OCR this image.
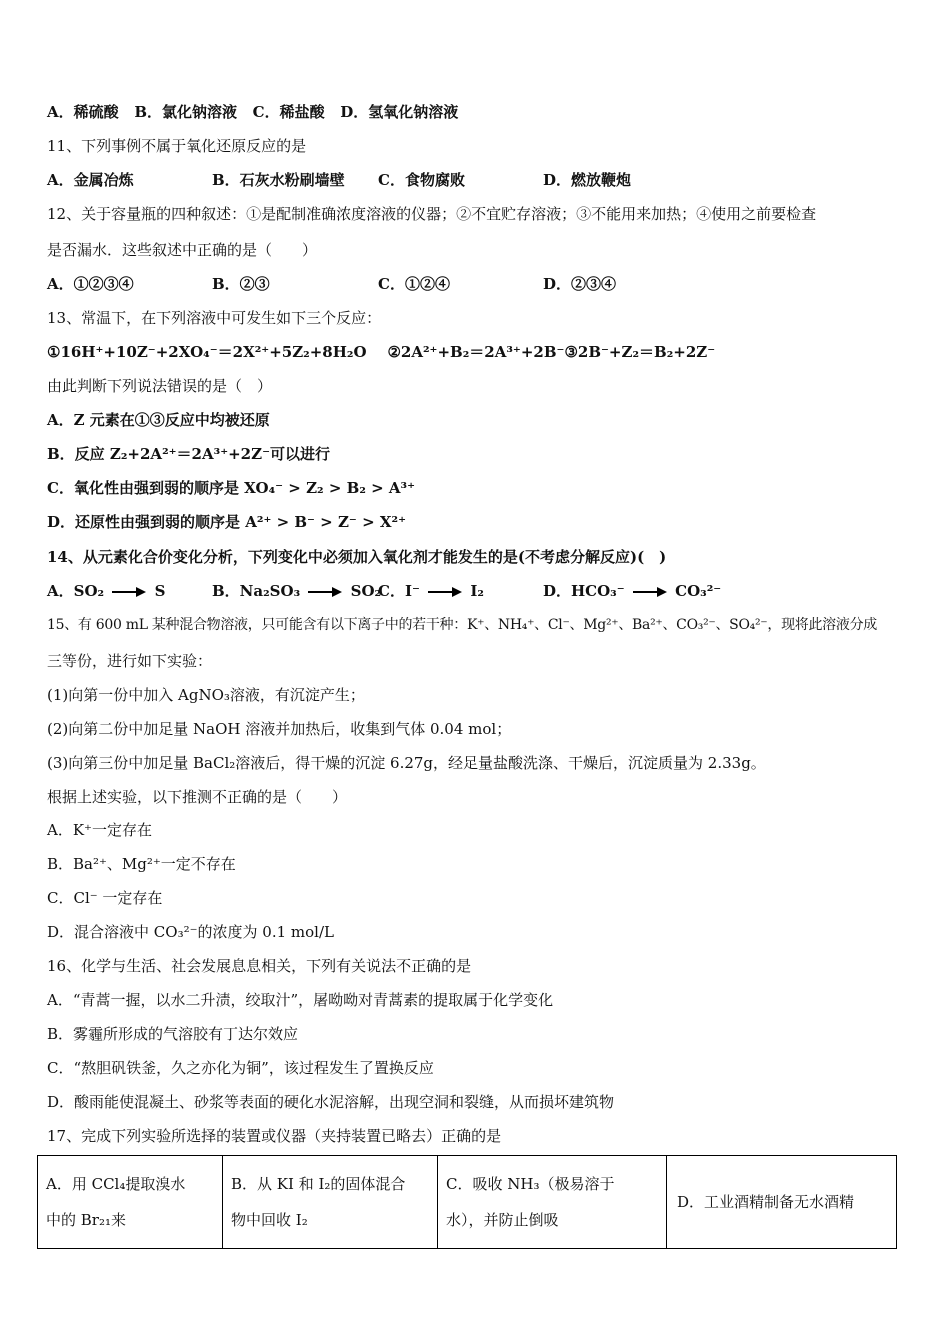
A．稀硫酸 B．氯化钠溶液 C．稀盐酸 D．氢氧化钠溶液
11、下列事例不属于氧化还原反应的是
A．金属冶炼	B．石灰水粉刷墙壁 C．食物腐败	D．燃放鞭炮
12、关于容量瓶的四种叙述：①是配制准确浓度溶液的仪器；②不宜贮存溶液；③不能用来加热；④使用之前要检查
是否漏水．这些叙述中正确的是（　　）
A．①②③④	B．②③	C．①②④	D．②③④
13、常温下，在下列溶液中可发生如下三个反应：
①16H⁺+10Z⁻+2XO₄⁻＝2X²⁺+5Z₂+8H₂O ②2A²⁺+B₂＝2A³⁺+2B⁻③2B⁻+Z₂＝B₂+2Z⁻
由此判断下列说法错误的是（　）
A．Z 元素在①③反应中均被还原
B．反应 Z₂+2A²⁺＝2A³⁺+2Z⁻可以进行
C．氧化性由强到弱的顺序是 XO₄⁻ > Z₂ > B₂ > A³⁺
D．还原性由强到弱的顺序是 A²⁺ > B⁻ > Z⁻ > X²⁺
14、从元素化合价变化分析，下列变化中必须加入氧化剂才能发生的是(不考虑分解反应)(　)
A．SO₂ → S	B．Na₂SO₃ → SO₂
C．I⁻ → I₂	D．HCO₃⁻ → CO₃²⁻
15、有 600 mL 某种混合物溶液，只可能含有以下离子中的若干种：K⁺、NH₄⁺、Cl⁻、Mg²⁺、Ba²⁺、CO₃²⁻、SO₄²⁻，现将此溶液分成
三等份，进行如下实验：
(1)向第一份中加入 AgNO₃溶液，有沉淀产生；
(2)向第二份中加足量 NaOH 溶液并加热后，收集到气体 0.04 mol；
(3)向第三份中加足量 BaCl₂溶液后，得干燥的沉淀 6.27g，经足量盐酸洗涤、干燥后，沉淀质量为 2.33g。
根据上述实验，以下推测不正确的是（　　）
A．K⁺一定存在
B．Ba²⁺、Mg²⁺一定不存在
C．Cl⁻ 一定存在
D．混合溶液中 CO₃²⁻的浓度为 0.1 mol/L
16、化学与生活、社会发展息息相关，下列有关说法不正确的是
A．“青蒿一握，以水二升渍，绞取汁”，屠呦呦对青蒿素的提取属于化学变化
B．雾霾所形成的气溶胶有丁达尔效应
C．“熬胆矾铁釜，久之亦化为铜”，该过程发生了置换反应
D．酸雨能使混凝土、砂浆等表面的硬化水泥溶解，出现空洞和裂缝，从而损坏建筑物
17、完成下列实验所选择的装置或仪器（夹持装置已略去）正确的是
A．用 CCl₄提取溴水
中的 Br₂₁来

B．从 KI 和 I₂的固体混合
物中回收 I₂

C．吸收 NH₃（极易溶于
水），并防止倒吸

D．工业酒精制备无水酒精
